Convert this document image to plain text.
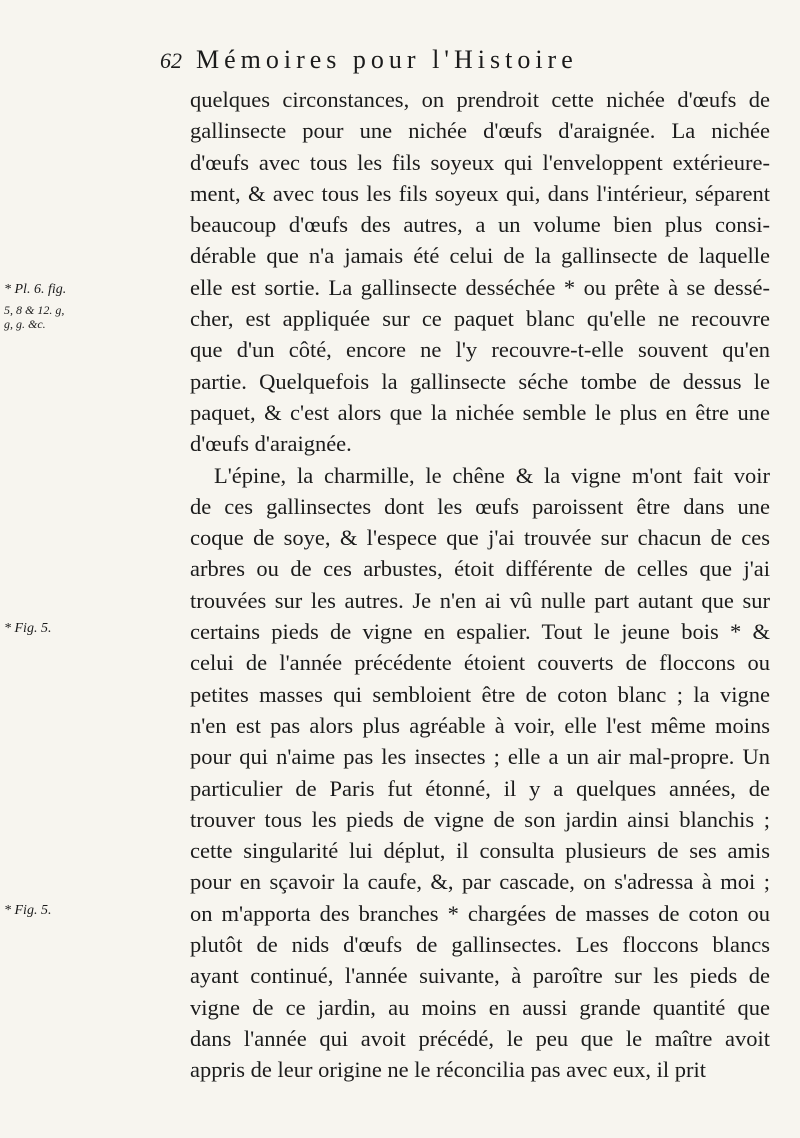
62 Mémoires pour l'Histoire
* Pl. 6. fig.
5, 8 & 12. g, g, g. &c.
* Fig. 5.
* Fig. 5.
quelques circonstances, on prendroit cette nichée d'œufs de
gallinsecte pour une nichée d'œufs d'araignée. La nichée
d'œufs avec tous les fils soyeux qui l'enveloppent extérieure-
ment, & avec tous les fils soyeux qui, dans l'intérieur, séparent
beaucoup d'œufs des autres, a un volume bien plus consi-
dérable que n'a jamais été celui de la gallinsecte de laquelle
elle est sortie. La gallinsecte desséchée * ou prête à se dessé-
cher, est appliquée sur ce paquet blanc qu'elle ne recouvre
que d'un côté, encore ne l'y recouvre-t-elle souvent qu'en
partie. Quelquefois la gallinsecte séche tombe de dessus le
paquet, & c'est alors que la nichée semble le plus en être une
d'œufs d'araignée.
L'épine, la charmille, le chêne & la vigne m'ont fait voir
de ces gallinsectes dont les œufs paroissent être dans une
coque de soye, & l'espece que j'ai trouvée sur chacun de ces
arbres ou de ces arbustes, étoit différente de celles que j'ai
trouvées sur les autres. Je n'en ai vû nulle part autant que sur
certains pieds de vigne en espalier. Tout le jeune bois * &
celui de l'année précédente étoient couverts de floccons ou
petites masses qui sembloient être de coton blanc ; la vigne
n'en est pas alors plus agréable à voir, elle l'est même moins
pour qui n'aime pas les insectes ; elle a un air mal-propre. Un
particulier de Paris fut étonné, il y a quelques années, de
trouver tous les pieds de vigne de son jardin ainsi blanchis ;
cette singularité lui déplut, il consulta plusieurs de ses amis
pour en sçavoir la caufe, &, par cascade, on s'adressa à moi ;
on m'apporta des branches * chargées de masses de coton ou
plutôt de nids d'œufs de gallinsectes. Les floccons blancs
ayant continué, l'année suivante, à paroître sur les pieds de
vigne de ce jardin, au moins en aussi grande quantité que
dans l'année qui avoit précédé, le peu que le maître avoit
appris de leur origine ne le réconcilia pas avec eux, il prit
